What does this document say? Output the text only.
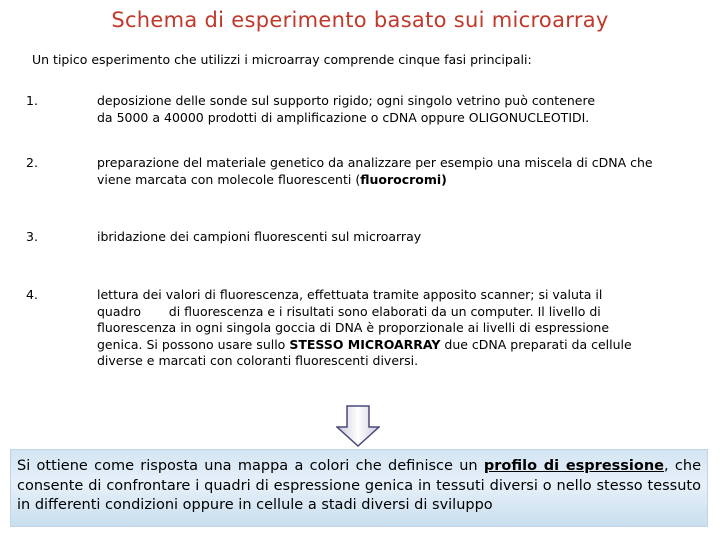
Schema di esperimento basato sui microarray
Un tipico esperimento che utilizzi i microarray comprende cinque fasi principali:
1.	deposizione delle sonde sul supporto rigido; ogni singolo vetrino può contenere
da 5000 a 40000 prodotti di amplificazione o cDNA oppure OLIGONUCLEOTIDI.
2.	preparazione del materiale genetico da analizzare per esempio una miscela di cDNA che
viene marcata con molecole fluorescenti (fluorocromi)
3.	ibridazione dei campioni fluorescenti sul microarray
4.	lettura dei valori di fluorescenza, effettuata tramite apposito scanner; si valuta il
quadro       di fluorescenza e i risultati sono elaborati da un computer. Il livello di
fluorescenza in ogni singola goccia di DNA è proporzionale ai livelli di espressione
genica. Si possono usare sullo STESSO MICROARRAY due cDNA preparati da cellule
diverse e marcati con coloranti fluorescenti diversi.
Si ottiene come risposta una mappa a colori che definisce un profilo di espressione, che consente di confrontare i quadri di espressione genica in tessuti diversi o nello stesso tessuto in differenti condizioni oppure in cellule a stadi diversi di sviluppo
